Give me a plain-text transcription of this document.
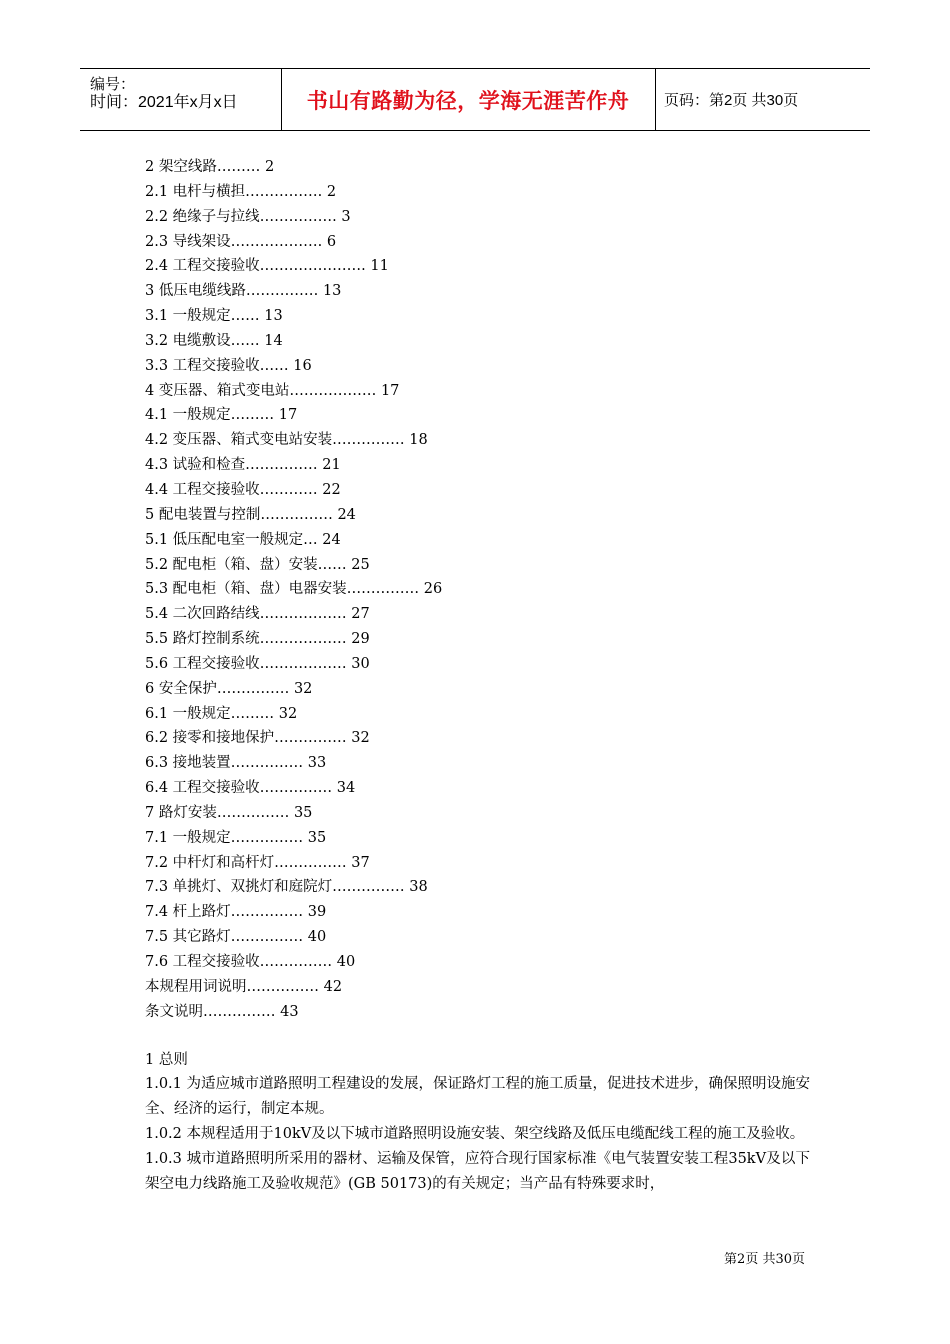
编号：
时间：2021年x月x日	书山有路勤为径，学海无涯苦作舟	页码：第2页 共30页
2 架空线路……… 2
2.1 电杆与横担……………. 2
2.2 绝缘子与拉线……………. 3
2.3 导线架设………………. 6
2.4 工程交接验收…………………. 11
3 低压电缆线路…………… 13
3.1 一般规定…… 13
3.2 电缆敷设…… 14
3.3 工程交接验收…… 16
4 变压器、箱式变电站……………… 17
4.1 一般规定……… 17
4.2 变压器、箱式变电站安装…………… 18
4.3 试验和检查…………… 21
4.4 工程交接验收………… 22
5 配电装置与控制…………… 24
5.1 低压配电室一般规定… 24
5.2 配电柜（箱、盘）安装…… 25
5.3 配电柜（箱、盘）电器安装…………… 26
5.4 二次回路结线……………… 27
5.5 路灯控制系统……………… 29
5.6 工程交接验收……………… 30
6 安全保护…………… 32
6.1 一般规定……… 32
6.2 接零和接地保护…………… 32
6.3 接地装置…………… 33
6.4 工程交接验收…………… 34
7 路灯安装…………… 35
7.1 一般规定…………… 35
7.2 中杆灯和高杆灯…………… 37
7.3 单挑灯、双挑灯和庭院灯…………… 38
7.4 杆上路灯…………… 39
7.5 其它路灯…………… 40
7.6 工程交接验收…………… 40
本规程用词说明…………… 42
条文说明…………… 43
1 总则
1.0.1 为适应城市道路照明工程建设的发展，保证路灯工程的施工质量，促进技术进步，确保照明设施安全、经济的运行，制定本规。
1.0.2 本规程适用于10kV及以下城市道路照明设施安装、架空线路及低压电缆配线工程的施工及验收。
1.0.3 城市道路照明所采用的器材、运输及保管，应符合现行国家标准《电气装置安装工程35kV及以下架空电力线路施工及验收规范》(GB 50173)的有关规定；当产品有特殊要求时，
第2页 共30页
